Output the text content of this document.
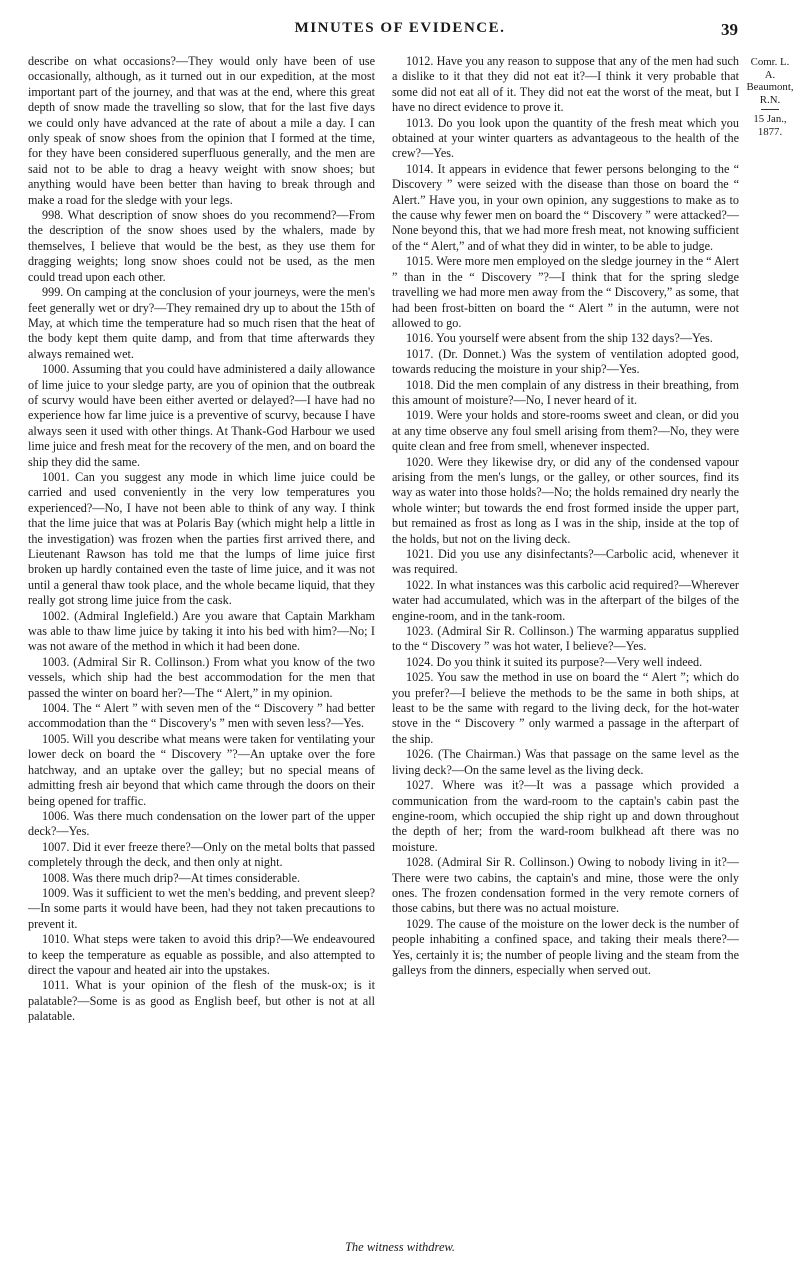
MINUTES OF EVIDENCE.	39
Comr. L.
A. Beaumont,
R.N.
15 Jan., 1877.

describe on what occasions?—They would only have been of use occasionally, although, as it turned out in our expedition, at the most important part of the journey, and that was at the end, where this great depth of snow made the travelling so slow, that for the last five days we could only have advanced at the rate of about a mile a day. I can only speak of snow shoes from the opinion that I formed at the time, for they have been considered superfluous generally, and the men are said not to be able to drag a heavy weight with snow shoes; but anything would have been better than having to break through and make a road for the sledge with your legs.

998. What description of snow shoes do you recommend?—From the description of the snow shoes used by the whalers, made by themselves, I believe that would be the best, as they use them for dragging weights; long snow shoes could not be used, as the men could tread upon each other.

999. On camping at the conclusion of your journeys, were the men's feet generally wet or dry?—They remained dry up to about the 15th of May, at which time the temperature had so much risen that the heat of the body kept them quite damp, and from that time afterwards they always remained wet.

1000. Assuming that you could have administered a daily allowance of lime juice to your sledge party, are you of opinion that the outbreak of scurvy would have been either averted or delayed?—I have had no experience how far lime juice is a preventive of scurvy, because I have always seen it used with other things. At Thank-God Harbour we used lime juice and fresh meat for the recovery of the men, and on board the ship they did the same.

1001. Can you suggest any mode in which lime juice could be carried and used conveniently in the very low temperatures you experienced?—No, I have not been able to think of any way. I think that the lime juice that was at Polaris Bay (which might help a little in the investigation) was frozen when the parties first arrived there, and Lieutenant Rawson has told me that the lumps of lime juice first broken up hardly contained even the taste of lime juice, and it was not until a general thaw took place, and the whole became liquid, that they really got strong lime juice from the cask.

1002. (Admiral Inglefield.) Are you aware that Captain Markham was able to thaw lime juice by taking it into his bed with him?—No; I was not aware of the method in which it had been done.

1003. (Admiral Sir R. Collinson.) From what you know of the two vessels, which ship had the best accommodation for the men that passed the winter on board her?—The “ Alert,” in my opinion.

1004. The “ Alert ” with seven men of the “ Discovery ” had better accommodation than the “ Discovery's ” men with seven less?—Yes.

1005. Will you describe what means were taken for ventilating your lower deck on board the “ Discovery ”?—An uptake over the fore hatchway, and an uptake over the galley; but no special means of admitting fresh air beyond that which came through the doors on their being opened for traffic.

1006. Was there much condensation on the lower part of the upper deck?—Yes.

1007. Did it ever freeze there?—Only on the metal bolts that passed completely through the deck, and then only at night.

1008. Was there much drip?—At times considerable.

1009. Was it sufficient to wet the men's bedding, and prevent sleep?—In some parts it would have been, had they not taken precautions to prevent it.

1010. What steps were taken to avoid this drip?—We endeavoured to keep the temperature as equable as possible, and also attempted to direct the vapour and heated air into the upstakes.

1011. What is your opinion of the flesh of the musk-ox; is it palatable?—Some is as good as English beef, but other is not at all palatable.

1012. Have you any reason to suppose that any of the men had such a dislike to it that they did not eat it?—I think it very probable that some did not eat all of it. They did not eat the worst of the meat, but I have no direct evidence to prove it.

1013. Do you look upon the quantity of the fresh meat which you obtained at your winter quarters as advantageous to the health of the crew?—Yes.

1014. It appears in evidence that fewer persons belonging to the “ Discovery ” were seized with the disease than those on board the “ Alert.” Have you, in your own opinion, any suggestions to make as to the cause why fewer men on board the “ Discovery ” were attacked?—None beyond this, that we had more fresh meat, not knowing sufficient of the “ Alert,” and of what they did in winter, to be able to judge.

1015. Were more men employed on the sledge journey in the “ Alert ” than in the “ Discovery ”?—I think that for the spring sledge travelling we had more men away from the “ Discovery,” as some, that had been frost-bitten on board the “ Alert ” in the autumn, were not allowed to go.

1016. You yourself were absent from the ship 132 days?—Yes.

1017. (Dr. Donnet.) Was the system of ventilation adopted good, towards reducing the moisture in your ship?—Yes.

1018. Did the men complain of any distress in their breathing, from this amount of moisture?—No, I never heard of it.

1019. Were your holds and store-rooms sweet and clean, or did you at any time observe any foul smell arising from them?—No, they were quite clean and free from smell, whenever inspected.

1020. Were they likewise dry, or did any of the condensed vapour arising from the men's lungs, or the galley, or other sources, find its way as water into those holds?—No; the holds remained dry nearly the whole winter; but towards the end frost formed inside the upper part, but remained as frost as long as I was in the ship, inside at the top of the holds, but not on the living deck.

1021. Did you use any disinfectants?—Carbolic acid, whenever it was required.

1022. In what instances was this carbolic acid required?—Wherever water had accumulated, which was in the afterpart of the bilges of the engine-room, and in the tank-room.

1023. (Admiral Sir R. Collinson.) The warming apparatus supplied to the “ Discovery ” was hot water, I believe?—Yes.

1024. Do you think it suited its purpose?—Very well indeed.

1025. You saw the method in use on board the “ Alert ”; which do you prefer?—I believe the methods to be the same in both ships, at least to be the same with regard to the living deck, for the hot-water stove in the “ Discovery ” only warmed a passage in the afterpart of the ship.

1026. (The Chairman.) Was that passage on the same level as the living deck?—On the same level as the living deck.

1027. Where was it?—It was a passage which provided a communication from the ward-room to the captain's cabin past the engine-room, which occupied the ship right up and down throughout the depth of her; from the ward-room bulkhead aft there was no moisture.

1028. (Admiral Sir R. Collinson.) Owing to nobody living in it?—There were two cabins, the captain's and mine, those were the only ones. The frozen condensation formed in the very remote corners of those cabins, but there was no actual moisture.

1029. The cause of the moisture on the lower deck is the number of people inhabiting a confined space, and taking their meals there?—Yes, certainly it is; the number of people living and the steam from the galleys from the dinners, especially when served out.

The witness withdrew.
